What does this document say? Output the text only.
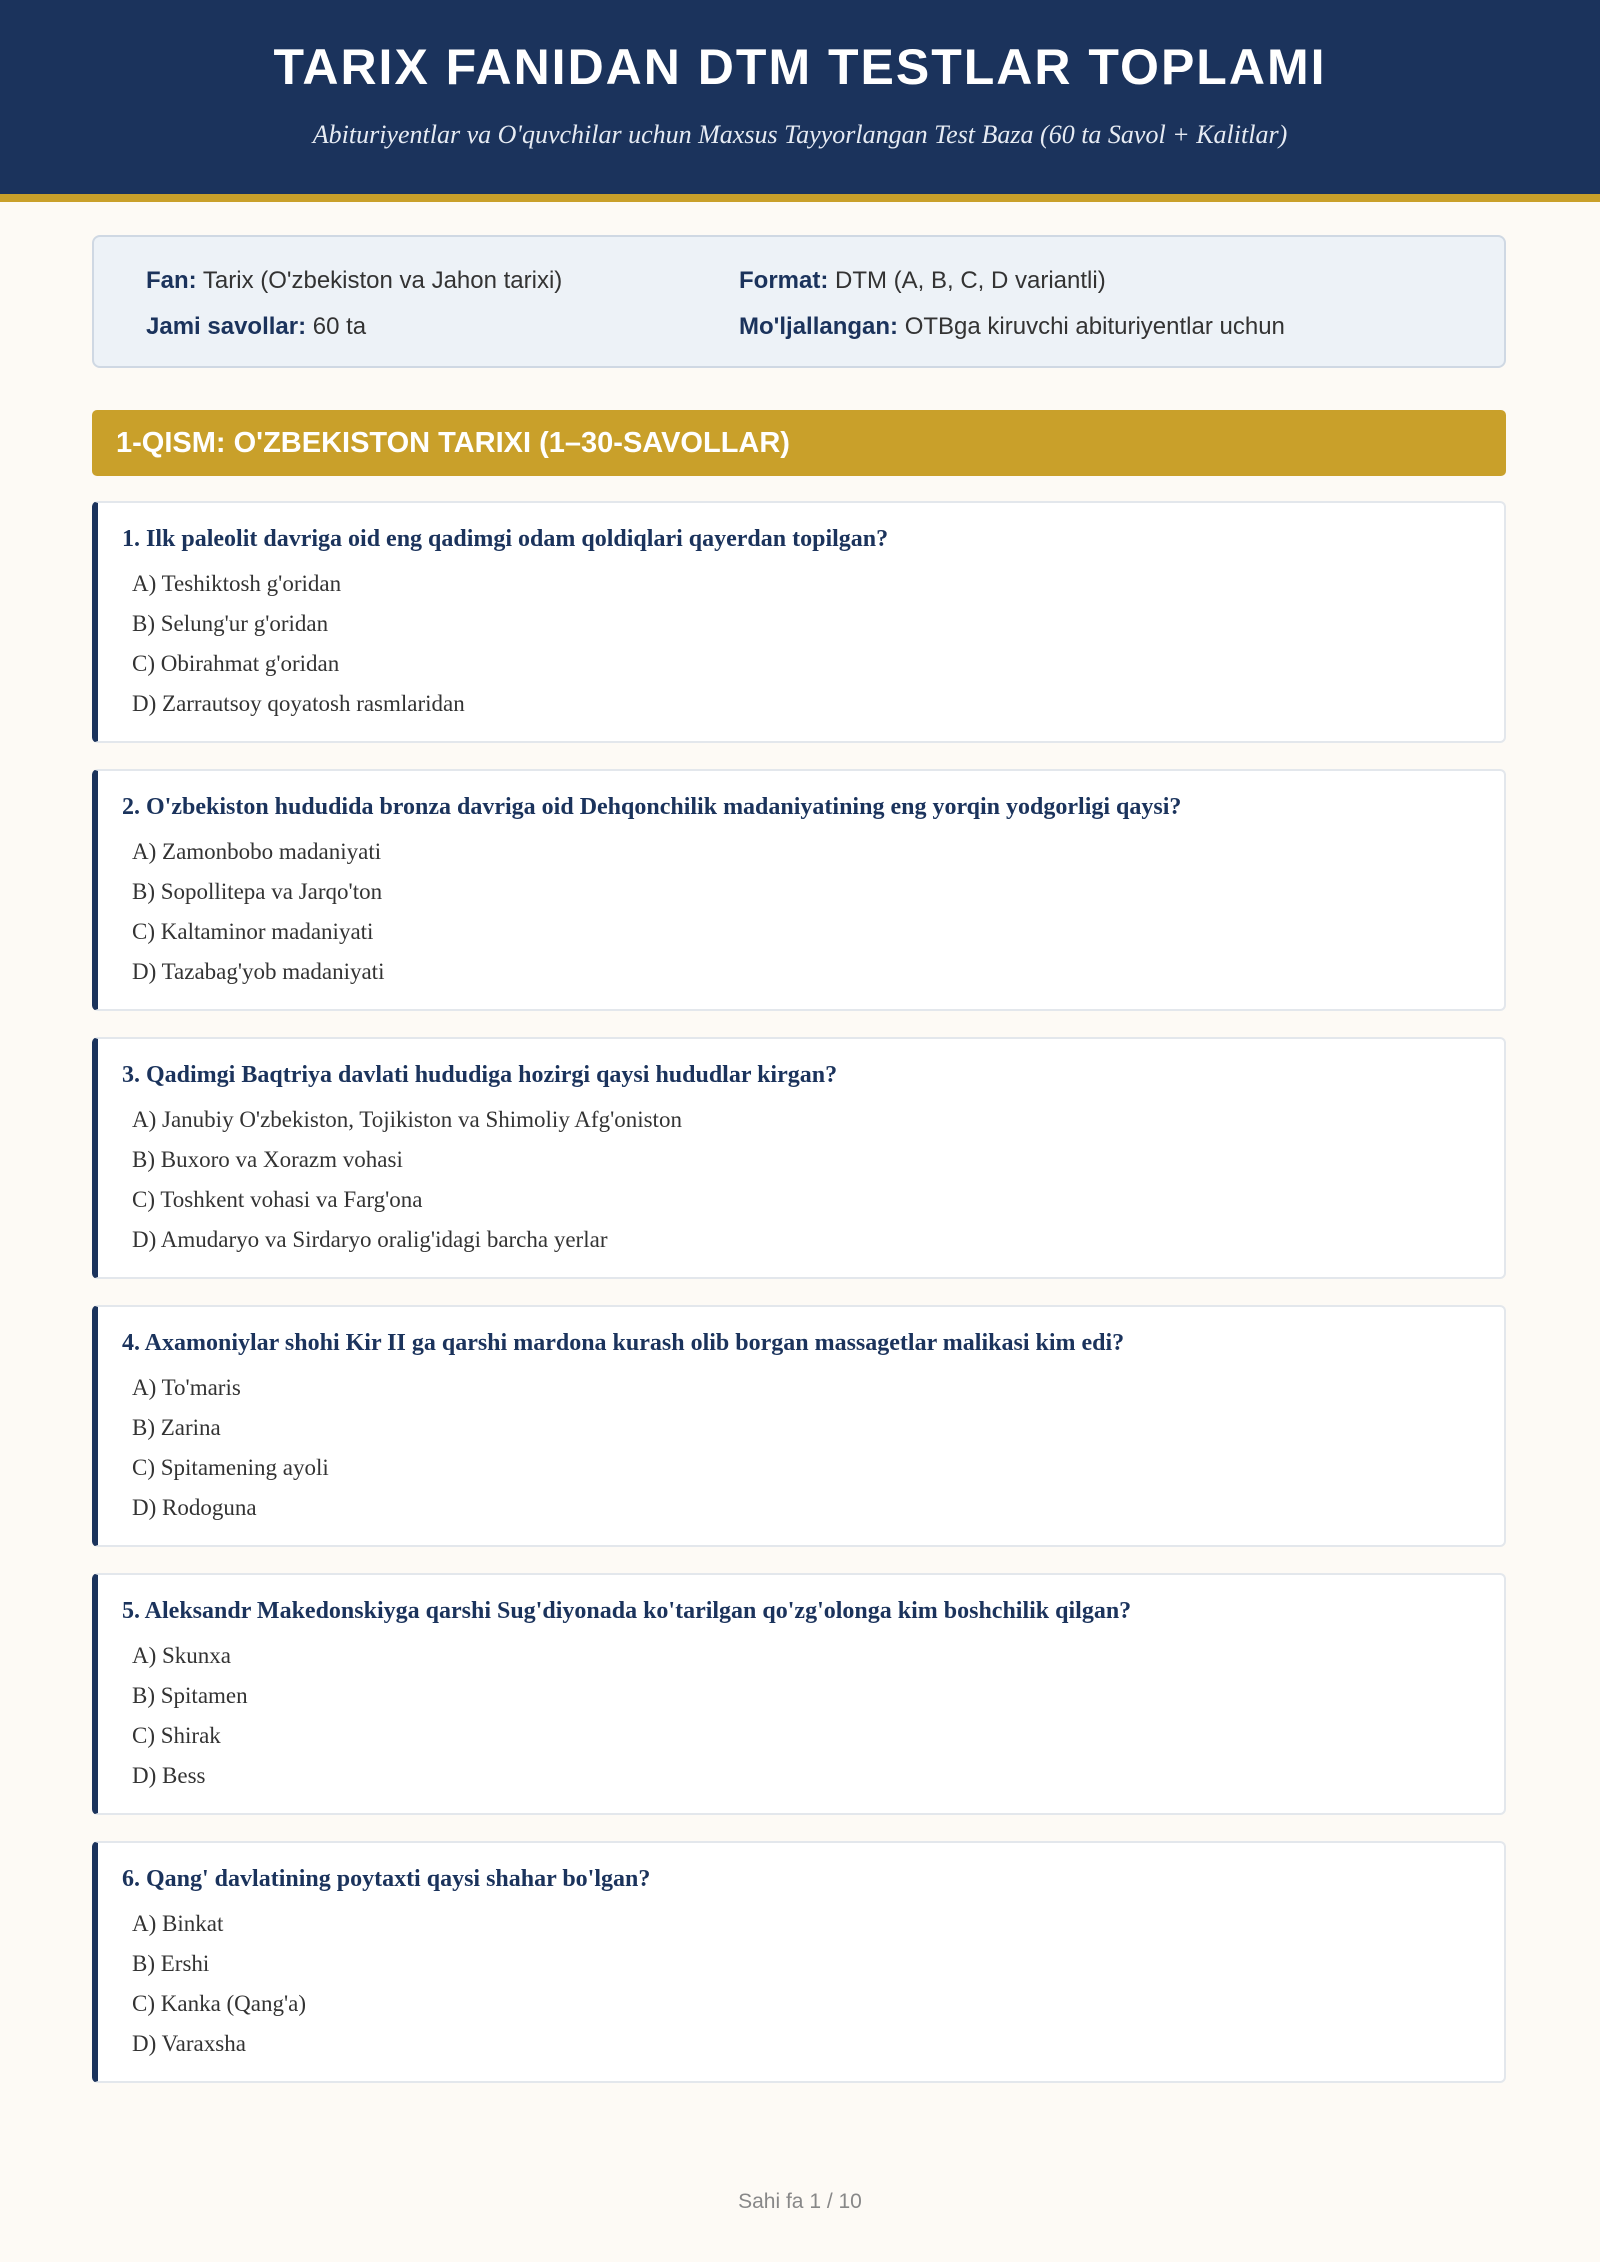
TARIX FANIDAN DTM TESTLAR TOPLAMI
Abituriyentlar va O'quvchilar uchun Maxsus Tayyorlangan Test Baza (60 ta Savol + Kalitlar)
Fan: Tarix (O'zbekiston va Jahon tarixi)
Jami savollar: 60 ta
Format: DTM (A, B, C, D variantli)
Mo'ljallangan: OTBga kiruvchi abituriyentlar uchun
1-QISM: O'ZBEKISTON TARIXI (1–30-SAVOLLAR)
1. Ilk paleolit davriga oid eng qadimgi odam qoldiqlari qayerdan topilgan?
A) Teshiktosh g'oridan
B) Selung'ur g'oridan
C) Obirahmat g'oridan
D) Zarrautsoy qoyatosh rasmlaridan
2. O'zbekiston hududida bronza davriga oid Dehqonchilik madaniyatining eng yorqin yodgorligi qaysi?
A) Zamonbobo madaniyati
B) Sopollitepa va Jarqo'ton
C) Kaltaminor madaniyati
D) Tazabag'yob madaniyati
3. Qadimgi Baqtriya davlati hududiga hozirgi qaysi hududlar kirgan?
A) Janubiy O'zbekiston, Tojikiston va Shimoliy Afg'oniston
B) Buxoro va Xorazm vohasi
C) Toshkent vohasi va Farg'ona
D) Amudaryo va Sirdaryo oralig'idagi barcha yerlar
4. Axamoniylar shohi Kir II ga qarshi mardona kurash olib borgan massagetlar malikasi kim edi?
A) To'maris
B) Zarina
C) Spitamening ayoli
D) Rodoguna
5. Aleksandr Makedonskiyga qarshi Sug'diyonada ko'tarilgan qo'zg'olonga kim boshchilik qilgan?
A) Skunxa
B) Spitamen
C) Shirak
D) Bess
6. Qang' davlatining poytaxti qaysi shahar bo'lgan?
A) Binkat
B) Ershi
C) Kanka (Qang'a)
D) Varaxsha
Sahi fa 1 / 10
